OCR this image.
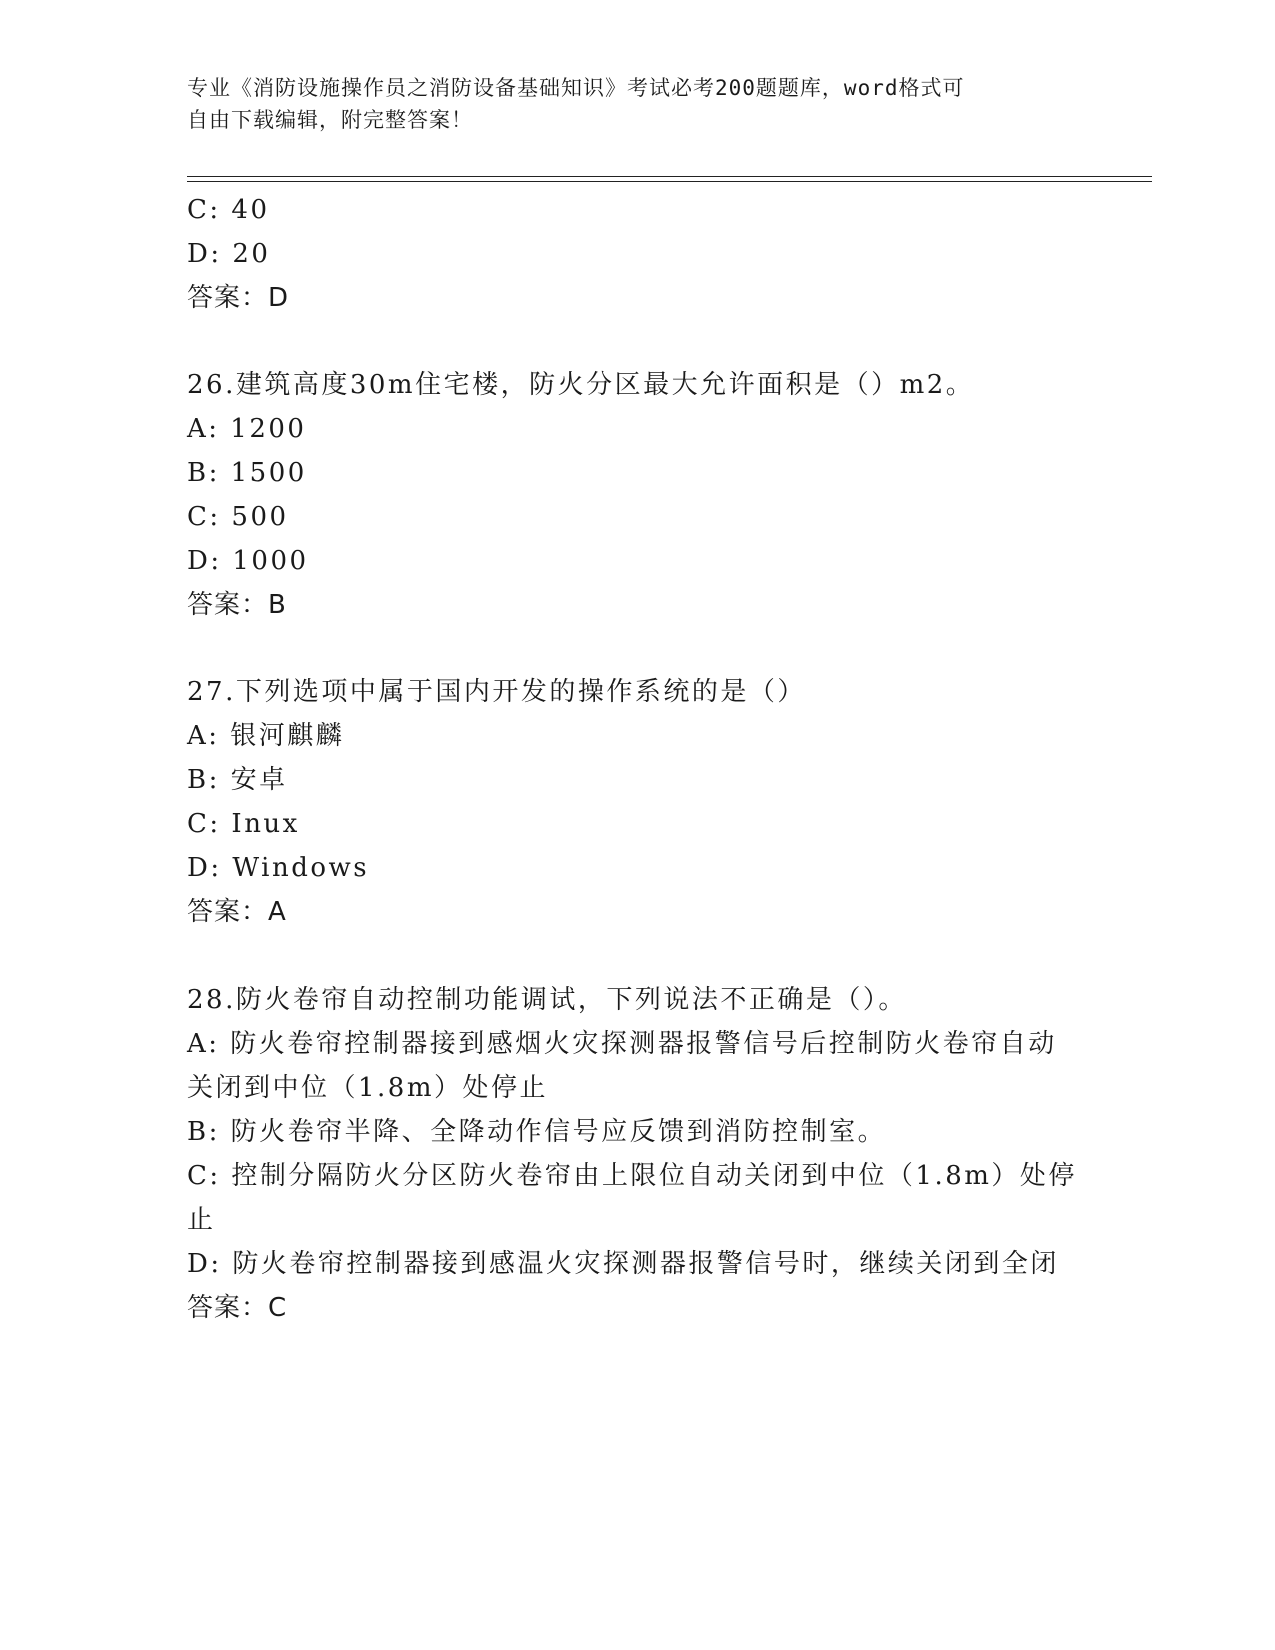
专业《消防设施操作员之消防设备基础知识》考试必考200题题库，word格式可
自由下载编辑，附完整答案！
C: 40
D: 20
答案：D
26.建筑高度30m住宅楼，防火分区最大允许面积是（）m2。
A: 1200
B: 1500
C: 500
D: 1000
答案：B
27.下列选项中属于国内开发的操作系统的是（）
A: 银河麒麟
B: 安卓
C: Inux
D: Windows
答案：A
28.防火卷帘自动控制功能调试，下列说法不正确是（）。
A: 防火卷帘控制器接到感烟火灾探测器报警信号后控制防火卷帘自动
关闭到中位（1.8m）处停止
B: 防火卷帘半降、全降动作信号应反馈到消防控制室。
C: 控制分隔防火分区防火卷帘由上限位自动关闭到中位（1.8m）处停
止
D: 防火卷帘控制器接到感温火灾探测器报警信号时，继续关闭到全闭
答案：C
